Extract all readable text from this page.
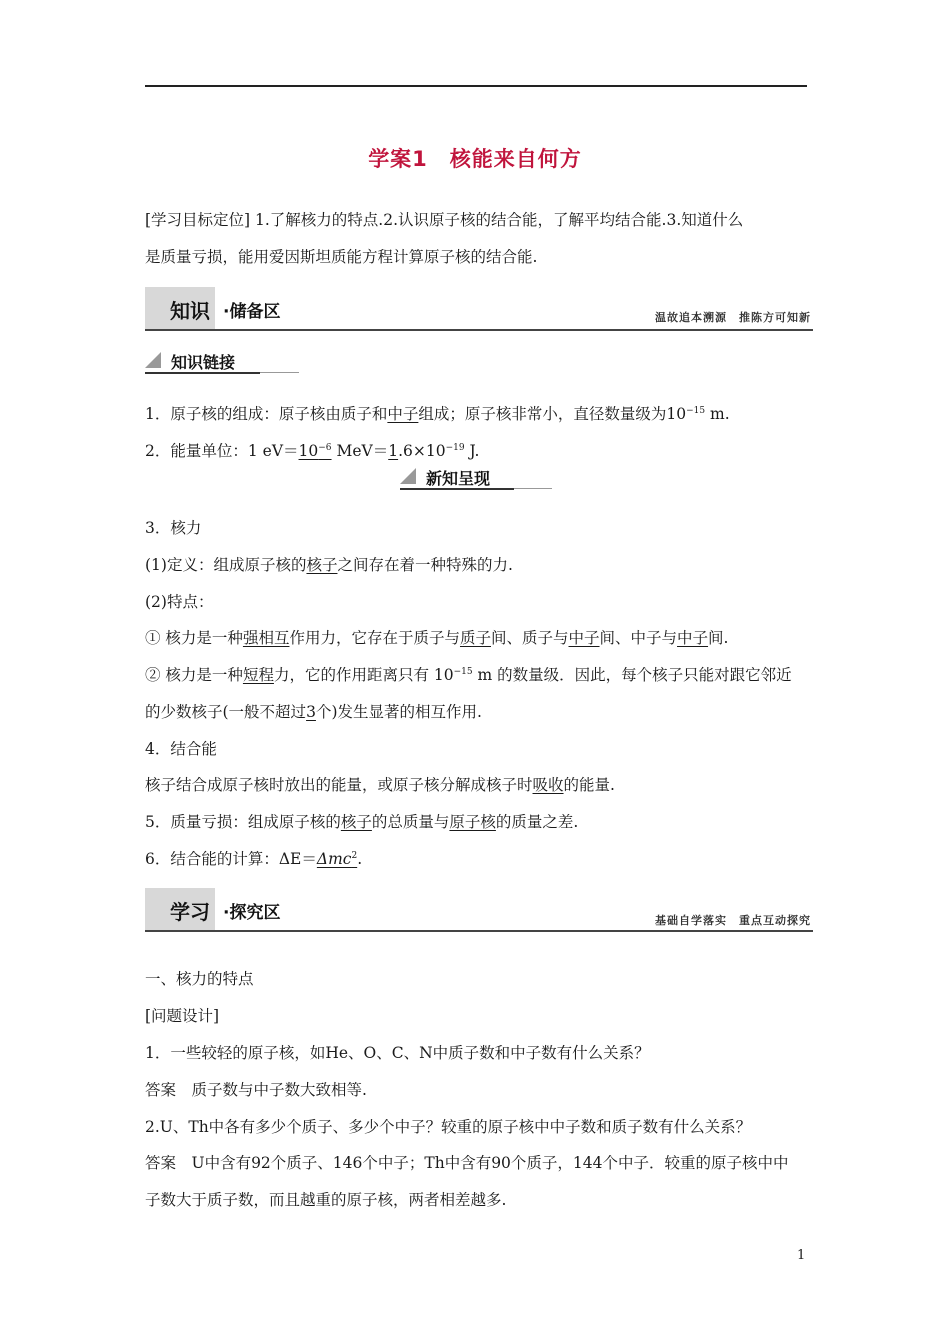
学案1　核能来自何方
[学习目标定位] 1.了解核力的特点.2.认识原子核的结合能，了解平均结合能.3.知道什么
是质量亏损，能用爱因斯坦质能方程计算原子核的结合能.
知识 ·储备区	温故追本溯源　推陈方可知新
知识链接
1．原子核的组成：原子核由质子和中子组成；原子核非常小，直径数量级为$10^{-15}$ m.
2．能量单位：1 $eV=10^{-6}$ $MeV=1.6\times 10^{-19}$ J.
新知呈现
3．核力
(1)定义：组成原子核的核子之间存在着一种特殊的力.
(2)特点：
① 核力是一种强相互作用力，它存在于质子与质子间、质子与中子间、中子与中子间.
② 核力是一种短程力，它的作用距离只有 $10^{-15}$ m 的数量级．因此，每个核子只能对跟它邻近
的少数核子(一般不超过3个)发生显著的相互作用.
4．结合能
核子结合成原子核时放出的能量，或原子核分解成核子时吸收的能量.
5．质量亏损：组成原子核的核子的总质量与原子核的质量之差.
6．结合能的计算：ΔE＝Δmc$^2$.
学习 ·探究区	基础自学落实　重点互动探究
一、核力的特点
[问题设计]
1．一些较轻的原子核，如He、O、C、N中质子数和中子数有什么关系？
答案　质子数与中子数大致相等.
2.U、Th中各有多少个质子、多少个中子？较重的原子核中中子数和质子数有什么关系？
答案　U中含有92个质子、146个中子；Th中含有90个质子，144个中子．较重的原子核中中
子数大于质子数，而且越重的原子核，两者相差越多.
1
